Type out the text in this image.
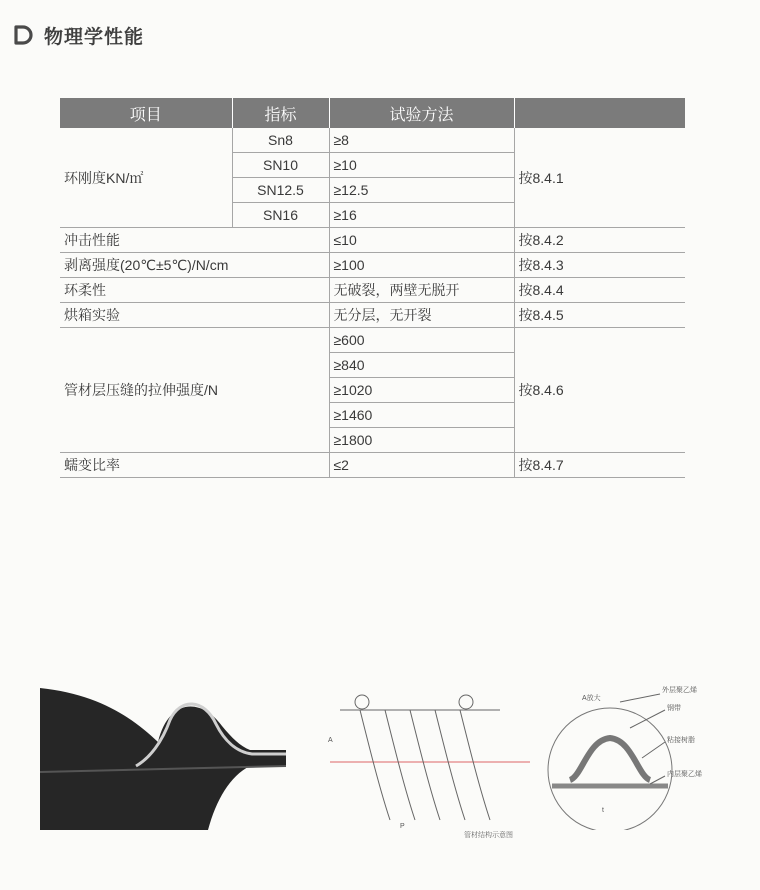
物理学性能
项目	指标	试验方法	
环刚度KN/㎡	Sn8	≥8	按8.4.1
	SN10	≥10	
	SN12.5	≥12.5	
	SN16	≥16	
冲击性能		≤10	按8.4.2
剥离强度(20℃±5℃)/N/cm		≥100	按8.4.3
环柔性		无破裂，两壁无脱开	按8.4.4
烘箱实验		无分层，无开裂	按8.4.5
管材层压缝的拉伸强度/N		≥600	按8.4.6
		≥840	
		≥1020	
		≥1460	
		≥1800	
蠕变比率		≤2	按8.4.7
A
P
t
A放大
外层聚乙烯
钢带
粘接树脂
内层聚乙烯
管材结构示意图
